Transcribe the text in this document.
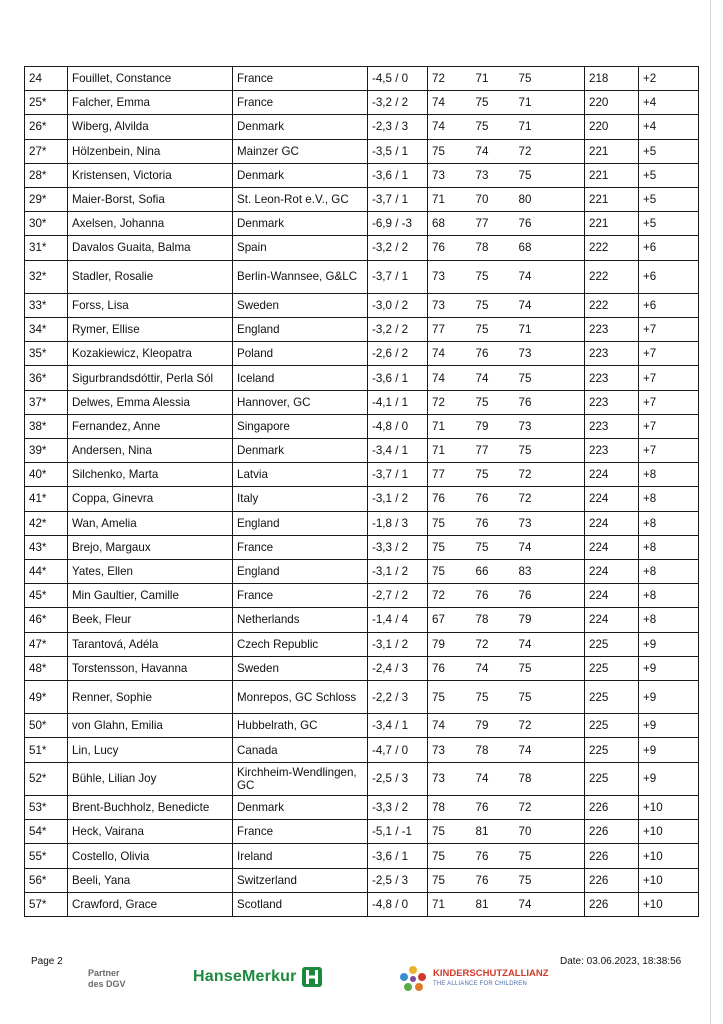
24	Fouillet, Constance	France	-4,5 / 0	72	71	75	218	+2
25*	Falcher, Emma	France	-3,2 / 2	74	75	71	220	+4
26*	Wiberg, Alvilda	Denmark	-2,3 / 3	74	75	71	220	+4
27*	Hölzenbein, Nina	Mainzer GC	-3,5 / 1	75	74	72	221	+5
28*	Kristensen, Victoria	Denmark	-3,6 / 1	73	73	75	221	+5
29*	Maier-Borst, Sofia	St. Leon-Rot e.V., GC	-3,7 / 1	71	70	80	221	+5
30*	Axelsen, Johanna	Denmark	-6,9 / -3	68	77	76	221	+5
31*	Davalos Guaita, Balma	Spain	-3,2 / 2	76	78	68	222	+6
32*	Stadler, Rosalie	Berlin-Wannsee, G&LC	-3,7 / 1	73	75	74	222	+6
33*	Forss, Lisa	Sweden	-3,0 / 2	73	75	74	222	+6
34*	Rymer, Ellise	England	-3,2 / 2	77	75	71	223	+7
35*	Kozakiewicz, Kleopatra	Poland	-2,6 / 2	74	76	73	223	+7
36*	Sigurbrandsdóttir, Perla Sól	Iceland	-3,6 / 1	74	74	75	223	+7
37*	Delwes, Emma Alessia	Hannover, GC	-4,1 / 1	72	75	76	223	+7
38*	Fernandez, Anne	Singapore	-4,8 / 0	71	79	73	223	+7
39*	Andersen, Nina	Denmark	-3,4 / 1	71	77	75	223	+7
40*	Silchenko, Marta	Latvia	-3,7 / 1	77	75	72	224	+8
41*	Coppa, Ginevra	Italy	-3,1 / 2	76	76	72	224	+8
42*	Wan, Amelia	England	-1,8 / 3	75	76	73	224	+8
43*	Brejo, Margaux	France	-3,3 / 2	75	75	74	224	+8
44*	Yates, Ellen	England	-3,1 / 2	75	66	83	224	+8
45*	Min Gaultier, Camille	France	-2,7 / 2	72	76	76	224	+8
46*	Beek, Fleur	Netherlands	-1,4 / 4	67	78	79	224	+8
47*	Tarantová, Adéla	Czech Republic	-3,1 / 2	79	72	74	225	+9
48*	Torstensson, Havanna	Sweden	-2,4 / 3	76	74	75	225	+9
49*	Renner, Sophie	Monrepos, GC Schloss	-2,2 / 3	75	75	75	225	+9
50*	von Glahn, Emilia	Hubbelrath, GC	-3,4 / 1	74	79	72	225	+9
51*	Lin, Lucy	Canada	-4,7 / 0	73	78	74	225	+9
52*	Bühle, Lilian Joy	Kirchheim-Wendlingen, GC	-2,5 / 3	73	74	78	225	+9
53*	Brent-Buchholz, Benedicte	Denmark	-3,3 / 2	78	76	72	226	+10
54*	Heck, Vairana	France	-5,1 / -1	75	81	70	226	+10
55*	Costello, Olivia	Ireland	-3,6 / 1	75	76	75	226	+10
56*	Beeli, Yana	Switzerland	-2,5 / 3	75	76	75	226	+10
57*	Crawford, Grace	Scotland	-4,8 / 0	71	81	74	226	+10
Page 2	Date: 03.06.2023, 18:38:56
Partner
des DGV	HanseMerkur	KINDERSCHUTZALLIANZ
THE ALLIANCE FOR CHILDREN
